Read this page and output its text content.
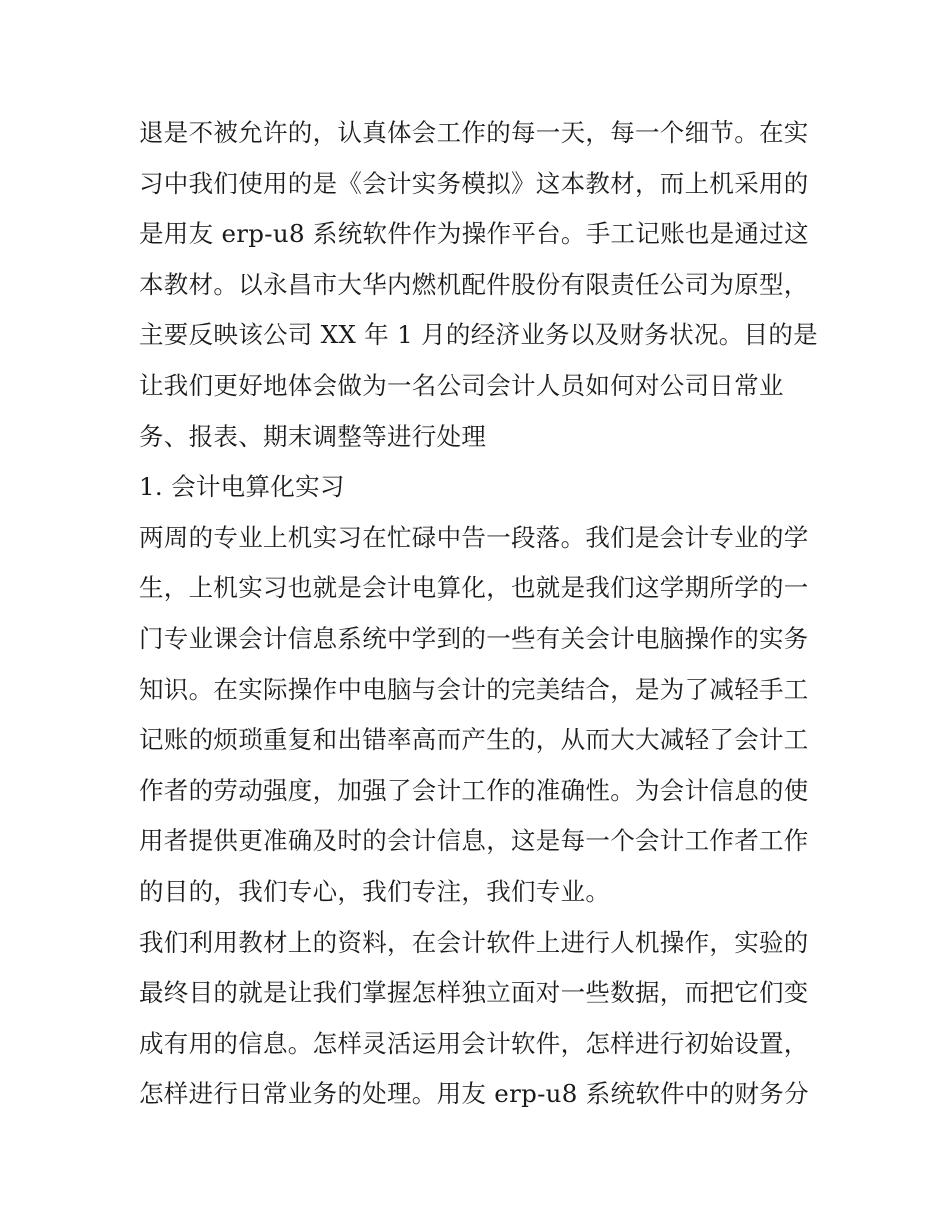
退是不被允许的，认真体会工作的每一天，每一个细节。在实
习中我们使用的是《会计实务模拟》这本教材，而上机采用的
是用友 erp-u8 系统软件作为操作平台。手工记账也是通过这
本教材。以永昌市大华内燃机配件股份有限责任公司为原型，
主要反映该公司 XX 年 1 月的经济业务以及财务状况。目的是
让我们更好地体会做为一名公司会计人员如何对公司日常业
务、报表、期末调整等进行处理
1. 会计电算化实习
两周的专业上机实习在忙碌中告一段落。我们是会计专业的学
生，上机实习也就是会计电算化，也就是我们这学期所学的一
门专业课会计信息系统中学到的一些有关会计电脑操作的实务
知识。在实际操作中电脑与会计的完美结合，是为了减轻手工
记账的烦琐重复和出错率高而产生的，从而大大减轻了会计工
作者的劳动强度，加强了会计工作的准确性。为会计信息的使
用者提供更准确及时的会计信息，这是每一个会计工作者工作
的目的，我们专心，我们专注，我们专业。
我们利用教材上的资料，在会计软件上进行人机操作，实验的
最终目的就是让我们掌握怎样独立面对一些数据，而把它们变
成有用的信息。怎样灵活运用会计软件，怎样进行初始设置，
怎样进行日常业务的处理。用友 erp-u8 系统软件中的财务分
